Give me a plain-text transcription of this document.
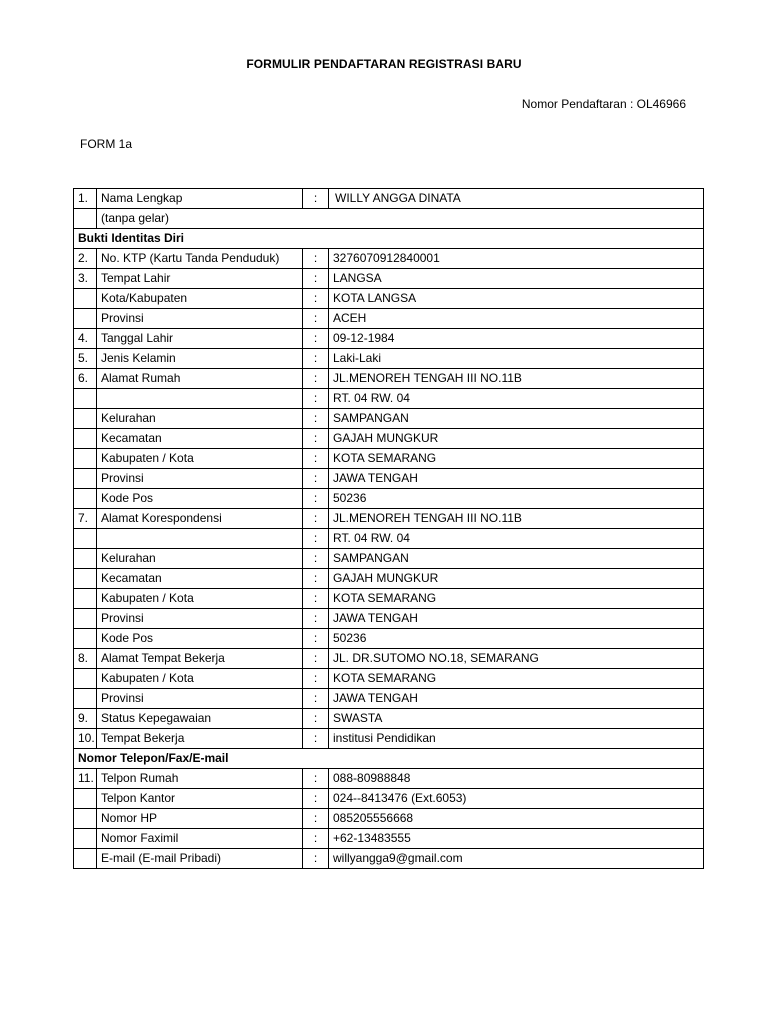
FORMULIR PENDAFTARAN REGISTRASI BARU
Nomor Pendaftaran : OL46966
FORM 1a
1.	Nama Lengkap	:	WILLY ANGGA DINATA
	(tanpa gelar)		
Bukti Identitas Diri			
2.	No. KTP (Kartu Tanda Penduduk)	:	3276070912840001
3.	Tempat Lahir	:	LANGSA
	Kota/Kabupaten	:	KOTA LANGSA
	Provinsi	:	ACEH
4.	Tanggal Lahir	:	09-12-1984
5.	Jenis Kelamin	:	Laki-Laki
6.	Alamat Rumah	:	JL.MENOREH TENGAH III NO.11B
		:	RT. 04 RW. 04
	Kelurahan	:	SAMPANGAN
	Kecamatan	:	GAJAH MUNGKUR
	Kabupaten / Kota	:	KOTA SEMARANG
	Provinsi	:	JAWA TENGAH
	Kode Pos	:	50236
7.	Alamat Korespondensi	:	JL.MENOREH TENGAH III NO.11B
		:	RT. 04 RW. 04
	Kelurahan	:	SAMPANGAN
	Kecamatan	:	GAJAH MUNGKUR
	Kabupaten / Kota	:	KOTA SEMARANG
	Provinsi	:	JAWA TENGAH
	Kode Pos	:	50236
8.	Alamat Tempat Bekerja	:	JL. DR.SUTOMO NO.18, SEMARANG
	Kabupaten / Kota	:	KOTA SEMARANG
	Provinsi	:	JAWA TENGAH
9.	Status Kepegawaian	:	SWASTA
10.	Tempat Bekerja	:	institusi Pendidikan
Nomor Telepon/Fax/E-mail			
11.	Telpon Rumah	:	088-80988848
	Telpon Kantor	:	024--8413476 (Ext.6053)
	Nomor HP	:	085205556668
	Nomor Faximil	:	+62-13483555
	E-mail (E-mail Pribadi)	:	willyangga9@gmail.com
